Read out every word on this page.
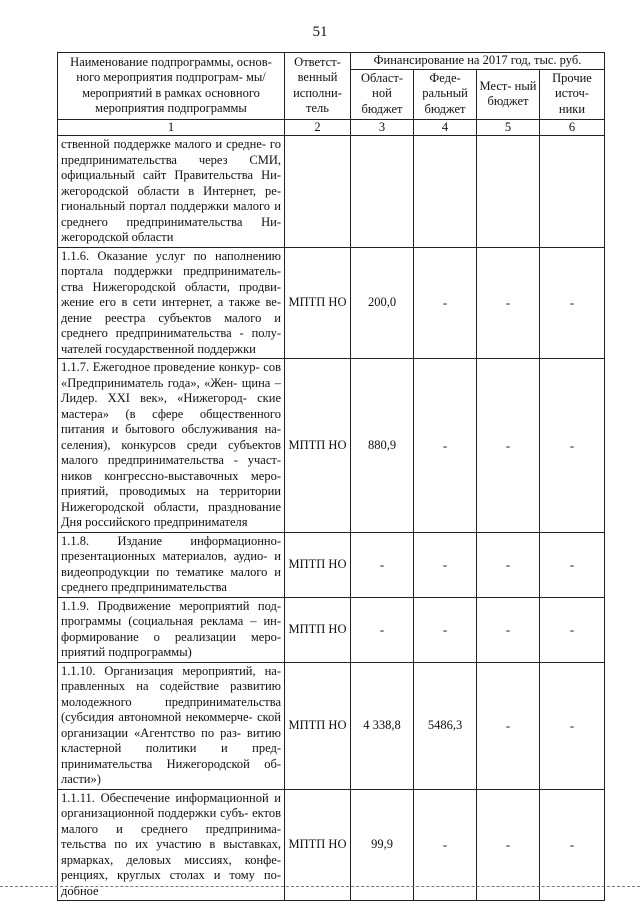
51
Наименование подпрограммы, основ- ного мероприятия подпрограм- мы/мероприятий в рамках основного мероприятия подпрограммы	Ответст- венный исполни- тель	Финансирование на 2017 год, тыс. руб.			
		Област- ной бюджет	Феде- ральный бюджет	Мест- ный бюджет	Прочие источ- ники
1	2	3	4	5	6
ственной поддержке малого и средне- го предпринимательства через СМИ, официальный сайт Правительства Ни- жегородской области в Интернет, ре- гиональный портал поддержки малого и среднего предпринимательства Ни- жегородской области					
1.1.6. Оказание услуг по наполнению портала поддержки предприниматель- ства Нижегородской области, продви- жение его в сети интернет, а также ве- дение реестра субъектов малого и среднего предпринимательства - полу- чателей государственной поддержки	МПТП НО	200,0	-	-	-
1.1.7. Ежегодное проведение конкур- сов «Предприниматель года», «Жен- щина – Лидер. XXI век», «Нижегород- ские мастера» (в сфере общественного питания и бытового обслуживания на- селения), конкурсов среди субъектов малого предпринимательства - участ- ников конгрессно-выставочных меро- приятий, проводимых на территории Нижегородской области, празднование Дня российского предпринимателя	МПТП НО	880,9	-	-	-
1.1.8. Издание информационно- презентационных материалов, аудио- и видеопродукции по тематике малого и среднего предпринимательства	МПТП НО	-	-	-	-
1.1.9. Продвижение мероприятий под- программы (социальная реклама – ин- формирование о реализации меро- приятий подпрограммы)	МПТП НО	-	-	-	-
1.1.10. Организация мероприятий, на- правленных на содействие развитию молодежного предпринимательства (субсидия автономной некоммерче- ской организации «Агентство по раз- витию кластерной политики и пред- принимательства Нижегородской об- ласти»)	МПТП НО	4 338,8	5486,3	-	-
1.1.11. Обеспечение информационной и организационной поддержки субъ- ектов малого и среднего предпринима- тельства по их участию в выставках, ярмарках, деловых миссиях, конфе- ренциях, круглых столах и тому по- добное	МПТП НО	99,9	-	-	-
